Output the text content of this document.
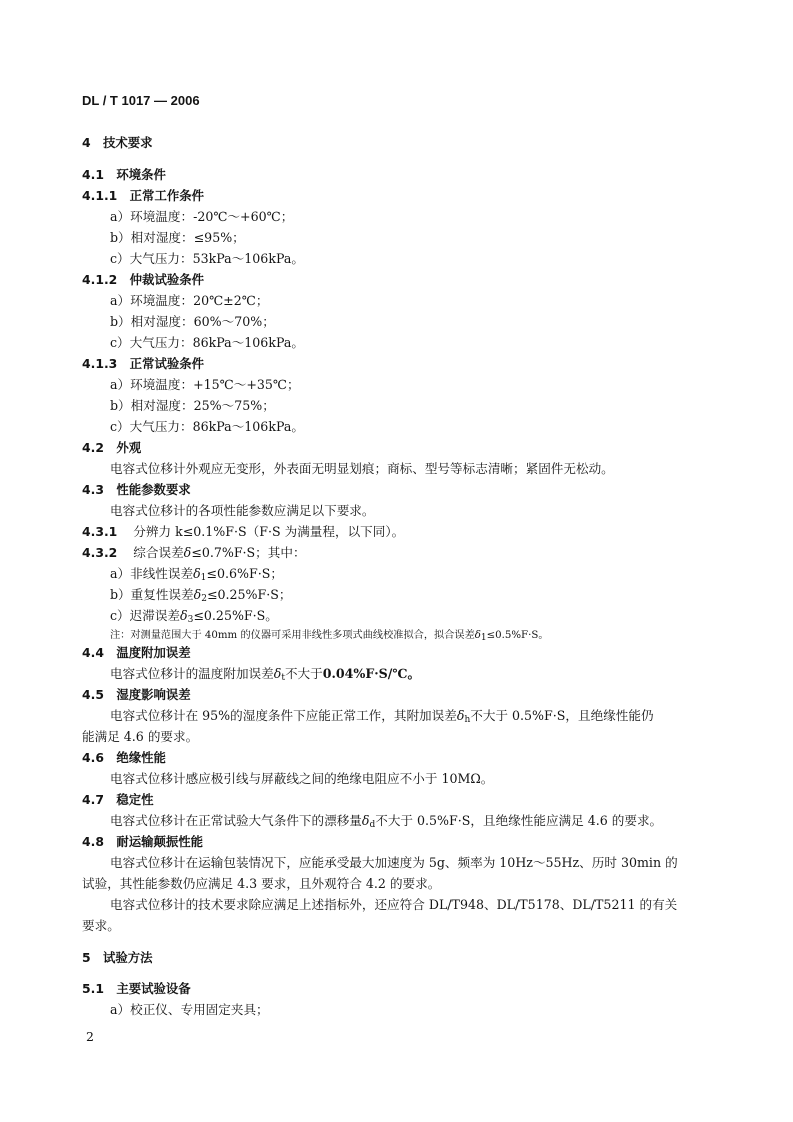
DL / T 1017 — 2006
4　技术要求
4.1　环境条件
4.1.1　正常工作条件
a）环境温度：-20℃～+60℃；
b）相对湿度：≤95%；
c）大气压力：53kPa～106kPa。
4.1.2　仲裁试验条件
a）环境温度：20℃±2℃；
b）相对湿度：60%～70%；
c）大气压力：86kPa～106kPa。
4.1.3　正常试验条件
a）环境温度：+15℃～+35℃；
b）相对湿度：25%～75%；
c）大气压力：86kPa～106kPa。
4.2　外观
电容式位移计外观应无变形，外表面无明显划痕；商标、型号等标志清晰；紧固件无松动。
4.3　性能参数要求
电容式位移计的各项性能参数应满足以下要求。
4.3.1 分辨力 k≤0.1%F·S（F·S 为满量程，以下同）。
4.3.2 综合误差δ≤0.7%F·S；其中：
a）非线性误差$\delta_1\le 0.6\%F\cdot S$；
b）重复性误差$\delta_2\le 0.25\%F\cdot S$；
c）迟滞误差$\delta_3\le 0.25\%F\cdot S$。
注：对测量范围大于 40mm 的仪器可采用非线性多项式曲线校准拟合，拟合误差$\delta_1\le 0.5\%F\cdot S$。
4.4　温度附加误差
电容式位移计的温度附加误差$\delta_t$不大于0.04%F·S/℃。
4.5　湿度影响误差
电容式位移计在 95%的湿度条件下应能正常工作，其附加误差$\delta_h$不大于 0.5%F·S，且绝缘性能仍
能满足 4.6 的要求。
4.6　绝缘性能
电容式位移计感应极引线与屏蔽线之间的绝缘电阻应不小于 10MΩ。
4.7　稳定性
电容式位移计在正常试验大气条件下的漂移量$\delta_d$不大于 0.5%F·S，且绝缘性能应满足 4.6 的要求。
4.8　耐运输颠振性能
电容式位移计在运输包装情况下，应能承受最大加速度为 5g、频率为 10Hz～55Hz、历时 30min 的
试验，其性能参数仍应满足 4.3 要求，且外观符合 4.2 的要求。
电容式位移计的技术要求除应满足上述指标外，还应符合 DL/T948、DL/T5178、DL/T5211 的有关
要求。
5　试验方法
5.1　主要试验设备
a）校正仪、专用固定夹具；
2
